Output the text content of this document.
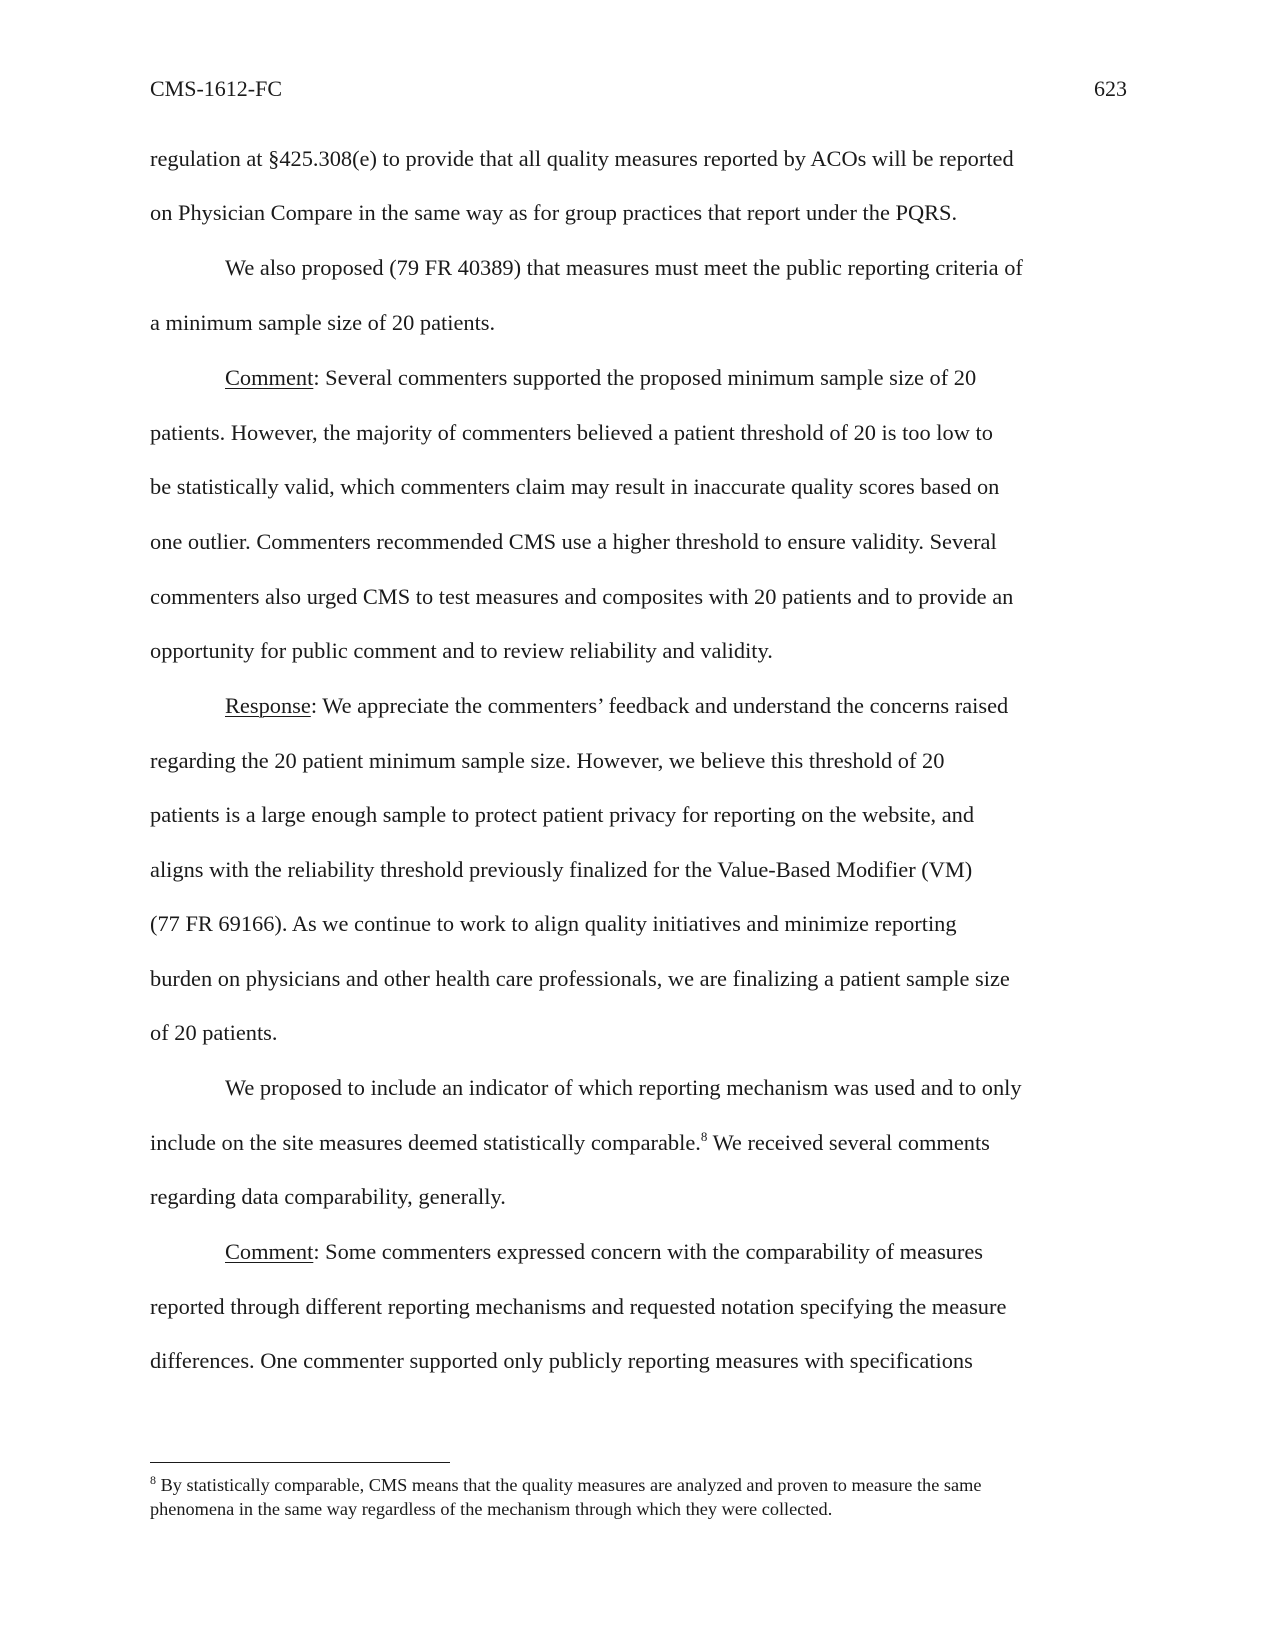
CMS-1612-FC	623
regulation at §425.308(e) to provide that all quality measures reported by ACOs will be reported
on Physician Compare in the same way as for group practices that report under the PQRS.
We also proposed (79 FR 40389) that measures must meet the public reporting criteria of
a minimum sample size of 20 patients.
Comment: Several commenters supported the proposed minimum sample size of 20
patients. However, the majority of commenters believed a patient threshold of 20 is too low to
be statistically valid, which commenters claim may result in inaccurate quality scores based on
one outlier. Commenters recommended CMS use a higher threshold to ensure validity. Several
commenters also urged CMS to test measures and composites with 20 patients and to provide an
opportunity for public comment and to review reliability and validity.
Response: We appreciate the commenters’ feedback and understand the concerns raised
regarding the 20 patient minimum sample size. However, we believe this threshold of 20
patients is a large enough sample to protect patient privacy for reporting on the website, and
aligns with the reliability threshold previously finalized for the Value-Based Modifier (VM)
(77 FR 69166). As we continue to work to align quality initiatives and minimize reporting
burden on physicians and other health care professionals, we are finalizing a patient sample size
of 20 patients.
We proposed to include an indicator of which reporting mechanism was used and to only
include on the site measures deemed statistically comparable.$^8$ We received several comments
regarding data comparability, generally.
Comment: Some commenters expressed concern with the comparability of measures
reported through different reporting mechanisms and requested notation specifying the measure
differences. One commenter supported only publicly reporting measures with specifications
$^8$ By statistically comparable, CMS means that the quality measures are analyzed and proven to measure the same
phenomena in the same way regardless of the mechanism through which they were collected.
